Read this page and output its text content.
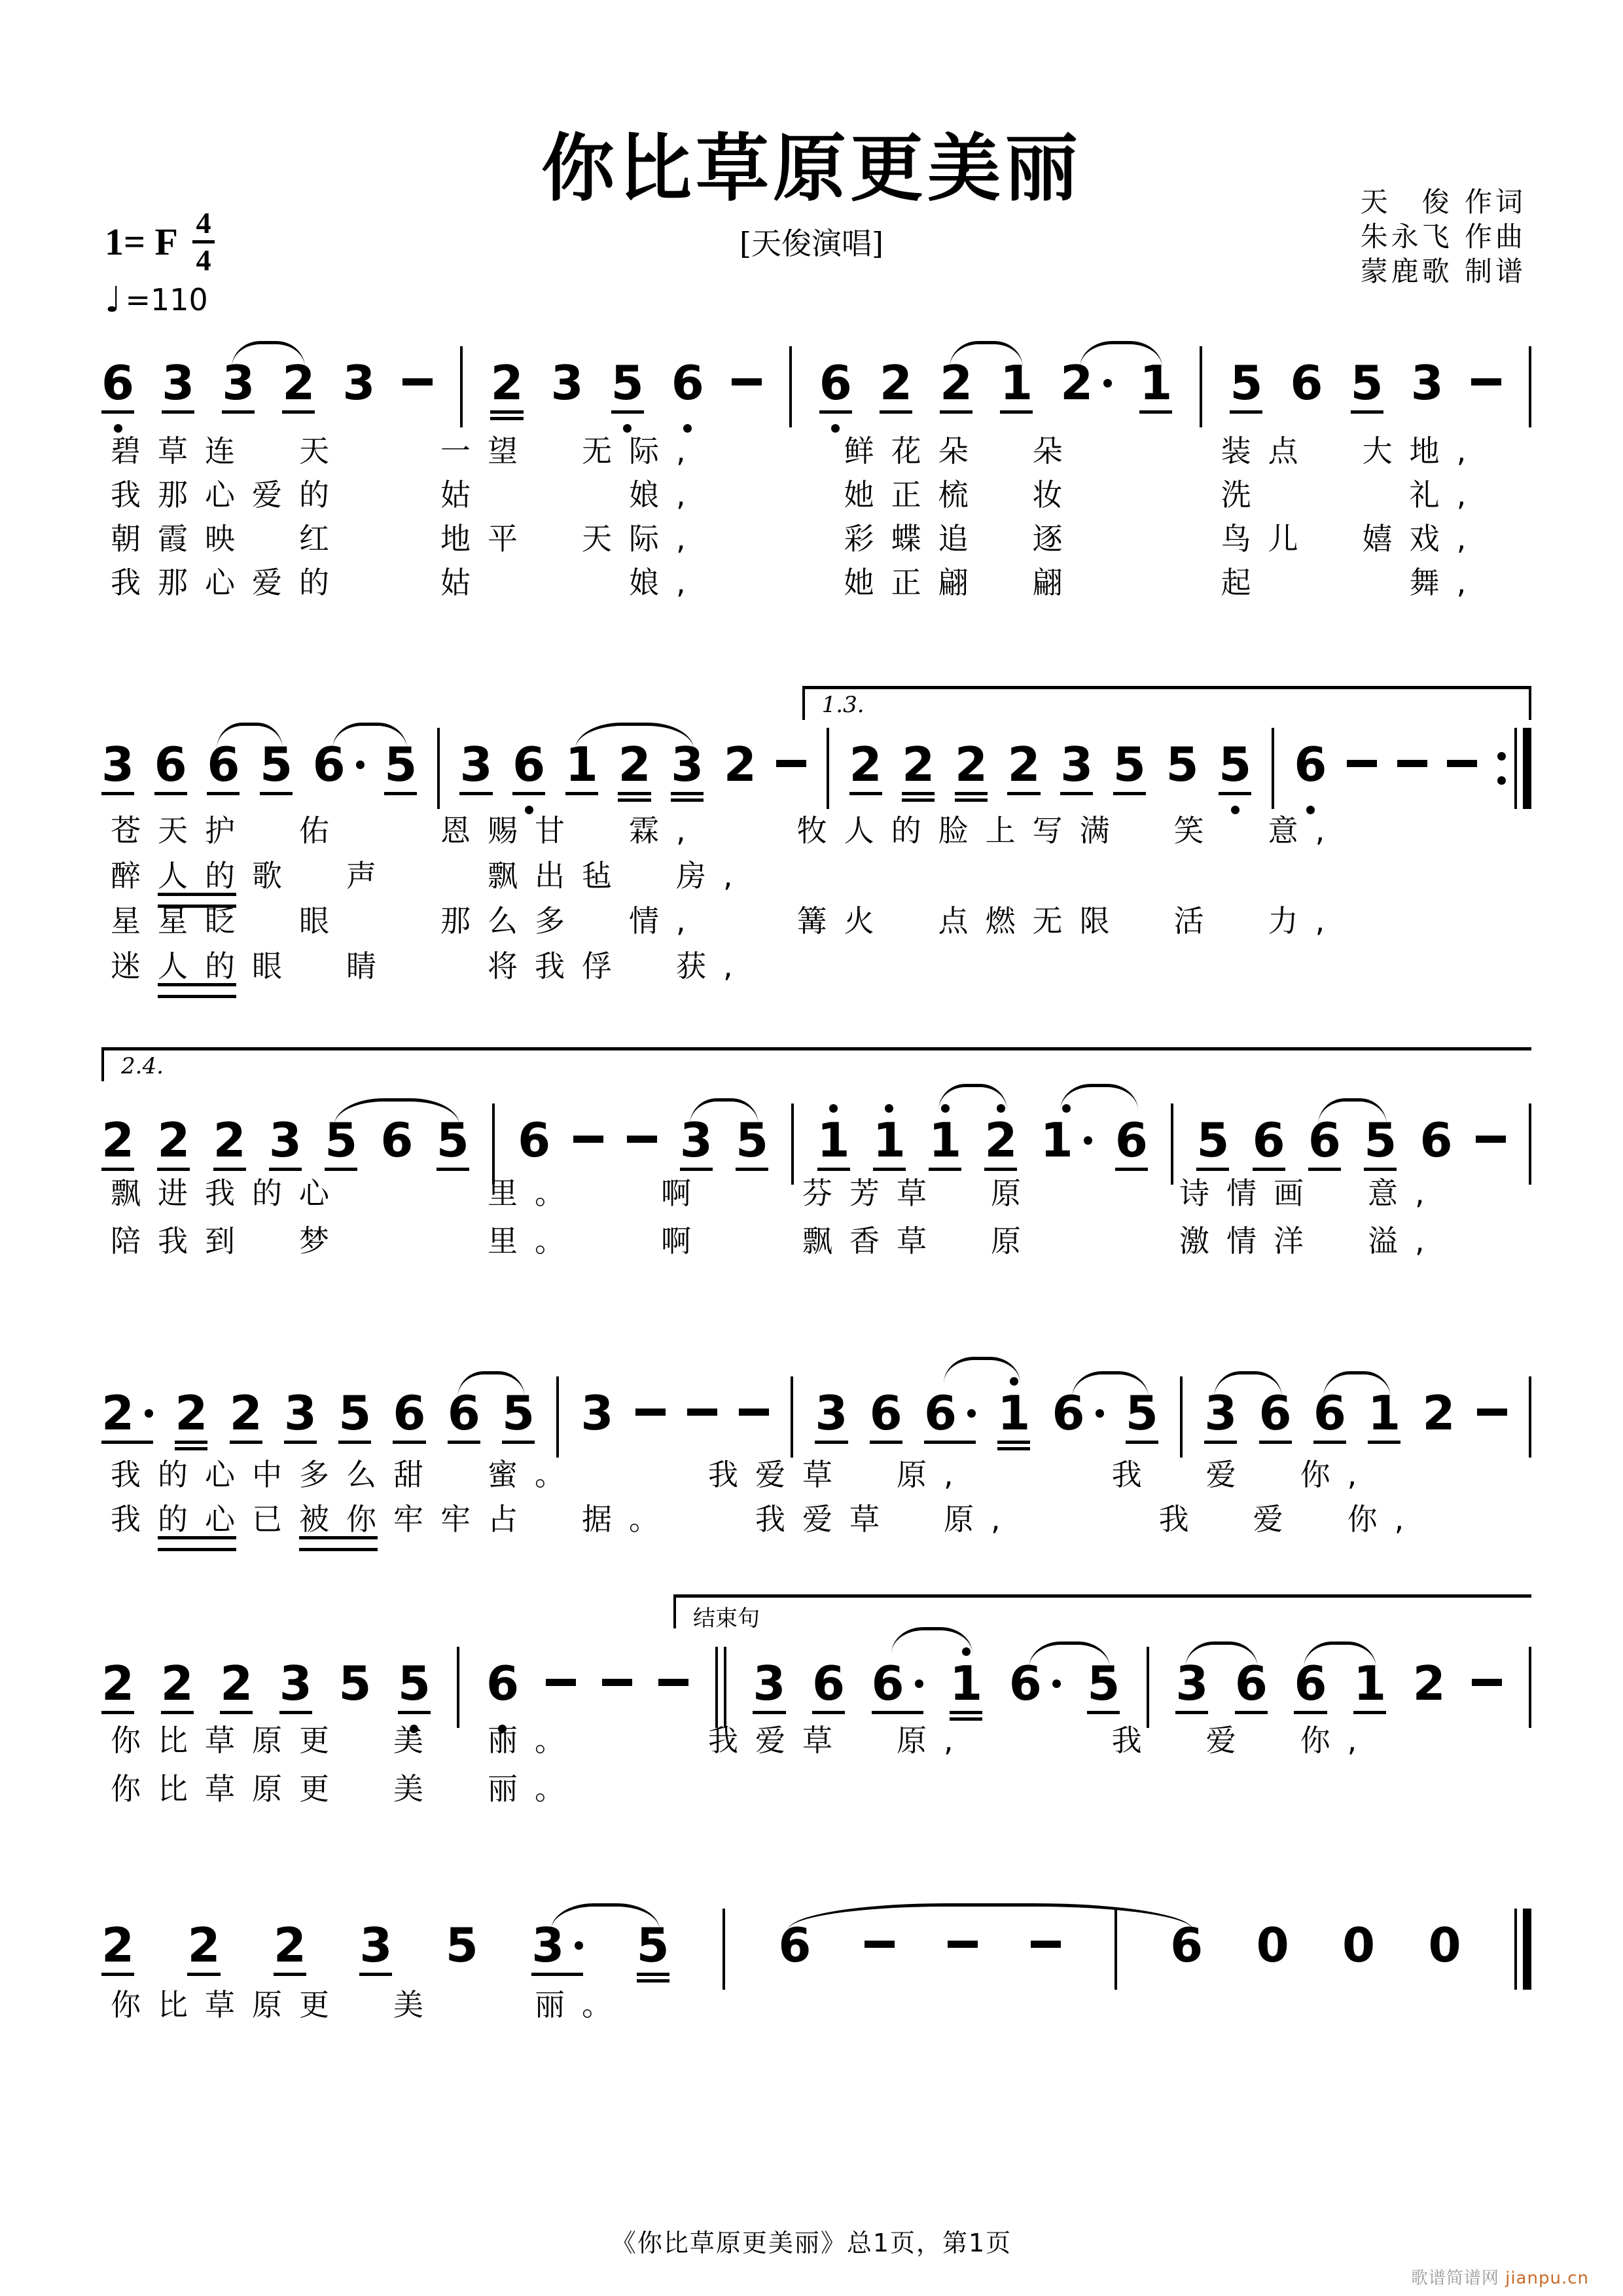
你比草原更美丽
[天俊演唱]
1= F 4
4
♩ =110
天　俊 作词
朱永飞 作曲
蒙鹿歌 制谱
6 3 3 2 3 2 3 5 6 6 2 2 1 2 1 5 6 5 3
碧草连　天　　一望　无际,　　　鲜花朵　朵　　　装点　大地,
我那心爱的　　姑　　　娘,　　　她正梳　妆　　　洗　　　礼,
朝霞映　红　　地平　天际,　　　彩蝶追　逐　　　鸟儿　嬉戏,
我那心爱的　　姑　　　娘,　　　她正翩　翩　　　起　　　舞,
1.3.
3 6 6 5 6 5 3 6 1 2 3 2 2 2 2 2 3 5 5 5 6
苍天护　佑　　恩赐甘　霖,　　牧人的脸上写满　笑　意,
醉人的歌　声　　飘出毡　房,
星星眨　眼　　那么多　情,　　篝火　点燃无限　活　力,
迷人的眼　睛　　将我俘　获,
2.4.
2 2 2 3 5 6 5 6	3 5 1 1 1 2 1 6 5 6 6 5 6
飘进我的心　　　里。　　啊　　芬芳草　原　　　诗情画　意,
陪我到　梦　　　里。　　啊　　飘香草　原　　　激情洋　溢,
2 2 2 3 5 6 6 5 3	3 6 6 1 6 5 3 6 6 1 2
我的心中多么甜　蜜。　　　我爱草　原,　　　我　爱　你,
我的心已被你牢牢占　据。　　我爱草　原,　　　我　爱　你,
结束句
2 2 2 3 5 5 6	3 6 6 1 6 5 3 6 6 1 2
你比草原更　美　丽。　　　我爱草　原,　　　我　爱　你,
你比草原更　美　丽。
2 2 2 3 5 3 5 6	6 0 0 0
你比草原更　美　　丽。
《你比草原更美丽》总1页，第1页
歌谱简谱网 jianpu.cn
